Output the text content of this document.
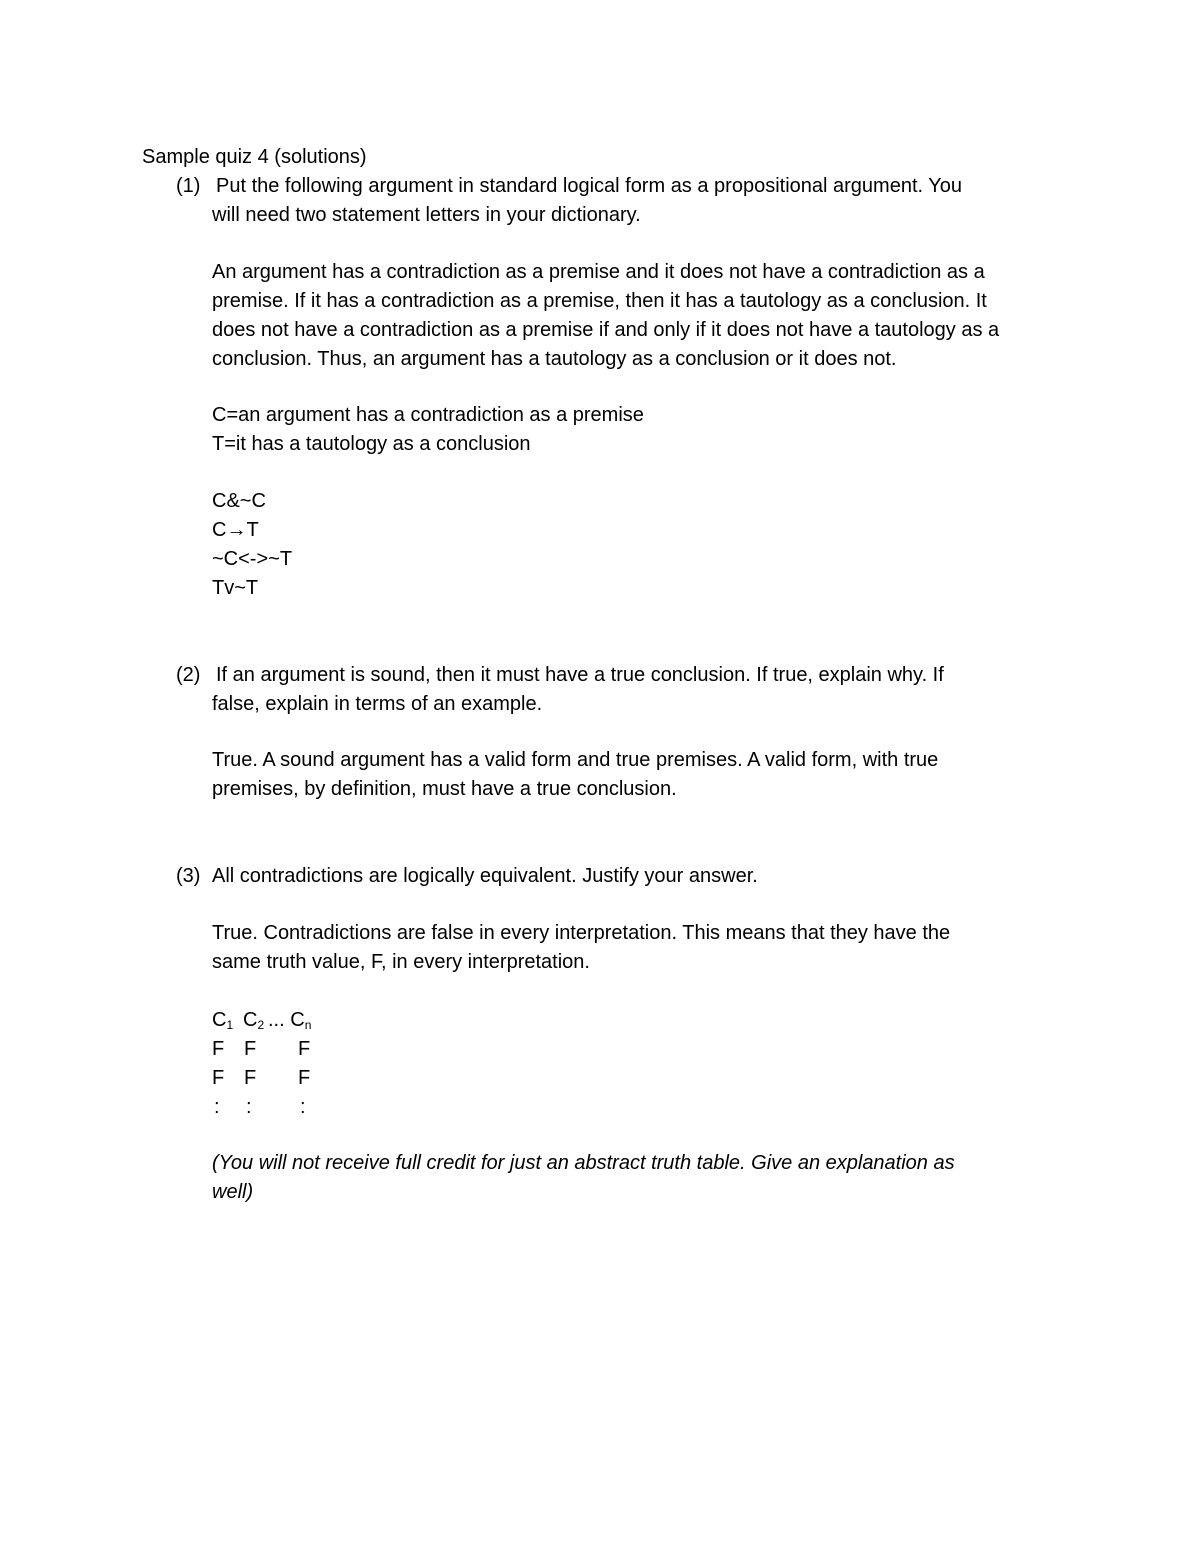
Sample quiz 4 (solutions)
(1) Put the following argument in standard logical form as a propositional argument. You
will need two statement letters in your dictionary.
An argument has a contradiction as a premise and it does not have a contradiction as a
premise. If it has a contradiction as a premise, then it has a tautology as a conclusion. It
does not have a contradiction as a premise if and only if it does not have a tautology as a
conclusion. Thus, an argument has a tautology as a conclusion or it does not.
C=an argument has a contradiction as a premise
T=it has a tautology as a conclusion
C&~C
C→T
~C<->~T
Tv~T
(2) If an argument is sound, then it must have a true conclusion. If true, explain why. If
false, explain in terms of an example.
True. A sound argument has a valid form and true premises. A valid form, with true
premises, by definition, must have a true conclusion.
(3) All contradictions are logically equivalent. Justify your answer.
True. Contradictions are false in every interpretation. This means that they have the
same truth value, F, in every interpretation.
$C_1$ $C_2$ ... $C_n$
F F F
F F F
: : :
(You will not receive full credit for just an abstract truth table. Give an explanation as
well)
